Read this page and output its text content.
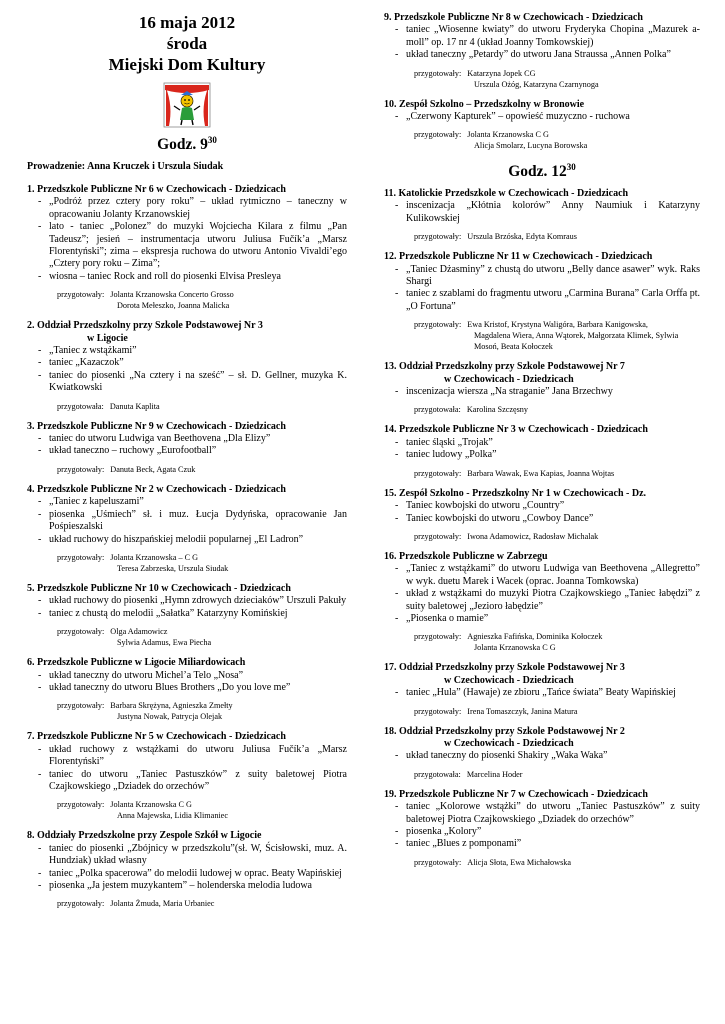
16 maja 2012
środa
Miejski Dom Kultury
Godz. $9^{30}$
Prowadzenie: Anna Kruczek i Urszula Siudak
1. Przedszkole Publiczne Nr 6 w Czechowicach - Dziedzicach
- „Podróż przez cztery pory roku” – układ rytmiczno – taneczny w opracowaniu Jolanty Krzanowskiej
- lato - taniec „Polonez” do muzyki Wojciecha Kilara z filmu „Pan Tadeusz”; jesień – instrumentacja utworu Juliusa Fučík’a „Marsz Florentyński”; zima – ekspresja ruchowa do utworu Antonio Vivaldi’ego „Cztery pory roku – Zima”;
- wiosna – taniec Rock and roll do piosenki Elvisa Presleya
przygotowały: Jolanta Krzanowska Concerto Grosso
Dorota Mełeszko, Joanna Malicka
2. Oddział Przedszkolny przy Szkole Podstawowej Nr 3
w Ligocie
- „Taniec z wstążkami”
- taniec „Kazaczok”
- taniec do piosenki „Na cztery i na sześć” – sł. D. Gellner, muzyka K. Kwiatkowski
przygotowała: Danuta Kaplita
3. Przedszkole Publiczne Nr 9 w Czechowicach - Dziedzicach
- taniec do utworu Ludwiga van Beethovena „Dla Elizy”
- układ taneczno – ruchowy „Eurofootball”
przygotowały: Danuta Beck, Agata Czuk
4. Przedszkole Publiczne Nr 2 w Czechowicach - Dziedzicach
- „Taniec z kapeluszami”
- piosenka „Uśmiech” sł. i muz. Łucja Dydyńska, opracowanie Jan Pośpieszalski
- układ ruchowy do hiszpańskiej melodii popularnej „El Ladron”
przygotowały: Jolanta Krzanowska – C G
Teresa Zabrzeska, Urszula Siudak
5. Przedszkole Publiczne Nr 10 w Czechowicach - Dziedzicach
- układ ruchowy do piosenki „Hymn zdrowych dzieciaków” Urszuli Pakuły
- taniec z chustą do melodii „Sałatka” Katarzyny Komińskiej
przygotowały: Olga Adamowicz
Sylwia Adamus, Ewa Piecha
6. Przedszkole Publiczne w Ligocie Miliardowicach
- układ taneczny do utworu Michel’a Telo „Nosa”
- układ taneczny do utworu Blues Brothers „Do you love me”
przygotowały: Barbara Skrężyna, Agnieszka Zmełty
Justyna Nowak, Patrycja Olejak
7. Przedszkole Publiczne Nr 5 w Czechowicach - Dziedzicach
- układ ruchowy z wstążkami do utworu Juliusa Fučík’a „Marsz Florentyński”
- taniec do utworu „Taniec Pastuszków” z suity baletowej Piotra Czajkowskiego „Dziadek do orzechów”
przygotowały: Jolanta Krzanowska C G
Anna Majewska, Lidia Klimaniec
8. Oddziały Przedszkolne przy Zespole Szkół w Ligocie
- taniec do piosenki „Zbójnicy w przedszkolu”(sł. W, Ścisłowski, muz. A. Hundziak) układ własny
- taniec „Polka spacerowa” do melodii ludowej w oprac. Beaty Wapińskiej
- piosenka „Ja jestem muzykantem” – holenderska melodia ludowa
przygotowały: Jolanta Żmuda, Maria Urbaniec
9. Przedszkole Publiczne Nr 8 w Czechowicach - Dziedzicach
- taniec „Wiosenne kwiaty” do utworu Fryderyka Chopina „Mazurek a-moll” op. 17 nr 4 (układ Joanny Tomkowskiej)
- układ taneczny „Petardy” do utworu Jana Straussa „Annen Polka”
przygotowały: Katarzyna Jopek CG
Urszula Ożóg, Katarzyna Czarnynoga
10. Zespół Szkolno – Przedszkolny w Bronowie
- „Czerwony Kapturek” – opowieść muzyczno - ruchowa
przygotowały: Jolanta Krzanowska C G
Alicja Smolarz, Lucyna Borowska
Godz. $12^{30}$
11. Katolickie Przedszkole w Czechowicach - Dziedzicach
- inscenizacja „Kłótnia kolorów” Anny Naumiuk i Katarzyny Kulikowskiej
przygotowały: Urszula Brzóska, Edyta Komraus
12. Przedszkole Publiczne Nr 11 w Czechowicach - Dziedzicach
- „Taniec Dżasminy” z chustą do utworu „Belly dance asawer” wyk. Raks Shargi
- taniec z szablami do fragmentu utworu „Carmina Burana” Carla Orffa pt. „O Fortuna”
przygotowały: Ewa Kristof, Krystyna Waligóra, Barbara Kanigowska,
Magdalena Wiera, Anna Wątorek, Małgorzata Klimek, Sylwia Mosoń, Beata Kołoczek
13. Oddział Przedszkolny przy Szkole Podstawowej Nr 7
w Czechowicach - Dziedzicach
- inscenizacja wiersza „Na straganie” Jana Brzechwy
przygotowała: Karolina Szczęsny
14. Przedszkole Publiczne Nr 3 w Czechowicach - Dziedzicach
- taniec śląski „Trojak”
- taniec ludowy „Polka”
przygotowały: Barbara Wawak, Ewa Kapias, Joanna Wojtas
15. Zespół Szkolno - Przedszkolny Nr 1 w Czechowicach - Dz.
- Taniec kowbojski do utworu „Country”
- Taniec kowbojski do utworu „Cowboy Dance”
przygotowały: Iwona Adamowicz, Radosław Michalak
16. Przedszkole Publiczne w Zabrzegu
- „Taniec z wstążkami” do utworu Ludwiga van Beethovena „Allegretto” w wyk. duetu Marek i Wacek (oprac. Joanna Tomkowska)
- układ z wstążkami do muzyki Piotra Czajkowskiego „Taniec łabędzi” z suity baletowej „Jezioro łabędzie”
- „Piosenka o mamie”
przygotowały: Agnieszka Fafińska, Dominika Kołoczek
Jolanta Krzanowska C G
17. Oddział Przedszkolny przy Szkole Podstawowej Nr 3
w Czechowicach - Dziedzicach
- taniec „Hula” (Hawaje) ze zbioru „Tańce świata” Beaty Wapińskiej
przygotowały: Irena Tomaszczyk, Janina Matura
18. Oddział Przedszkolny przy Szkole Podstawowej Nr 2
w Czechowicach - Dziedzicach
- układ taneczny do piosenki Shakiry „Waka Waka”
przygotowała: Marcelina Hoder
19. Przedszkole Publiczne Nr 7 w Czechowicach - Dziedzicach
- taniec „Kolorowe wstążki” do utworu „Taniec Pastuszków” z suity baletowej Piotra Czajkowskiego „Dziadek do orzechów”
- piosenka „Kolory”
- taniec „Blues z pomponami”
przygotowały: Alicja Słota, Ewa Michałowska
